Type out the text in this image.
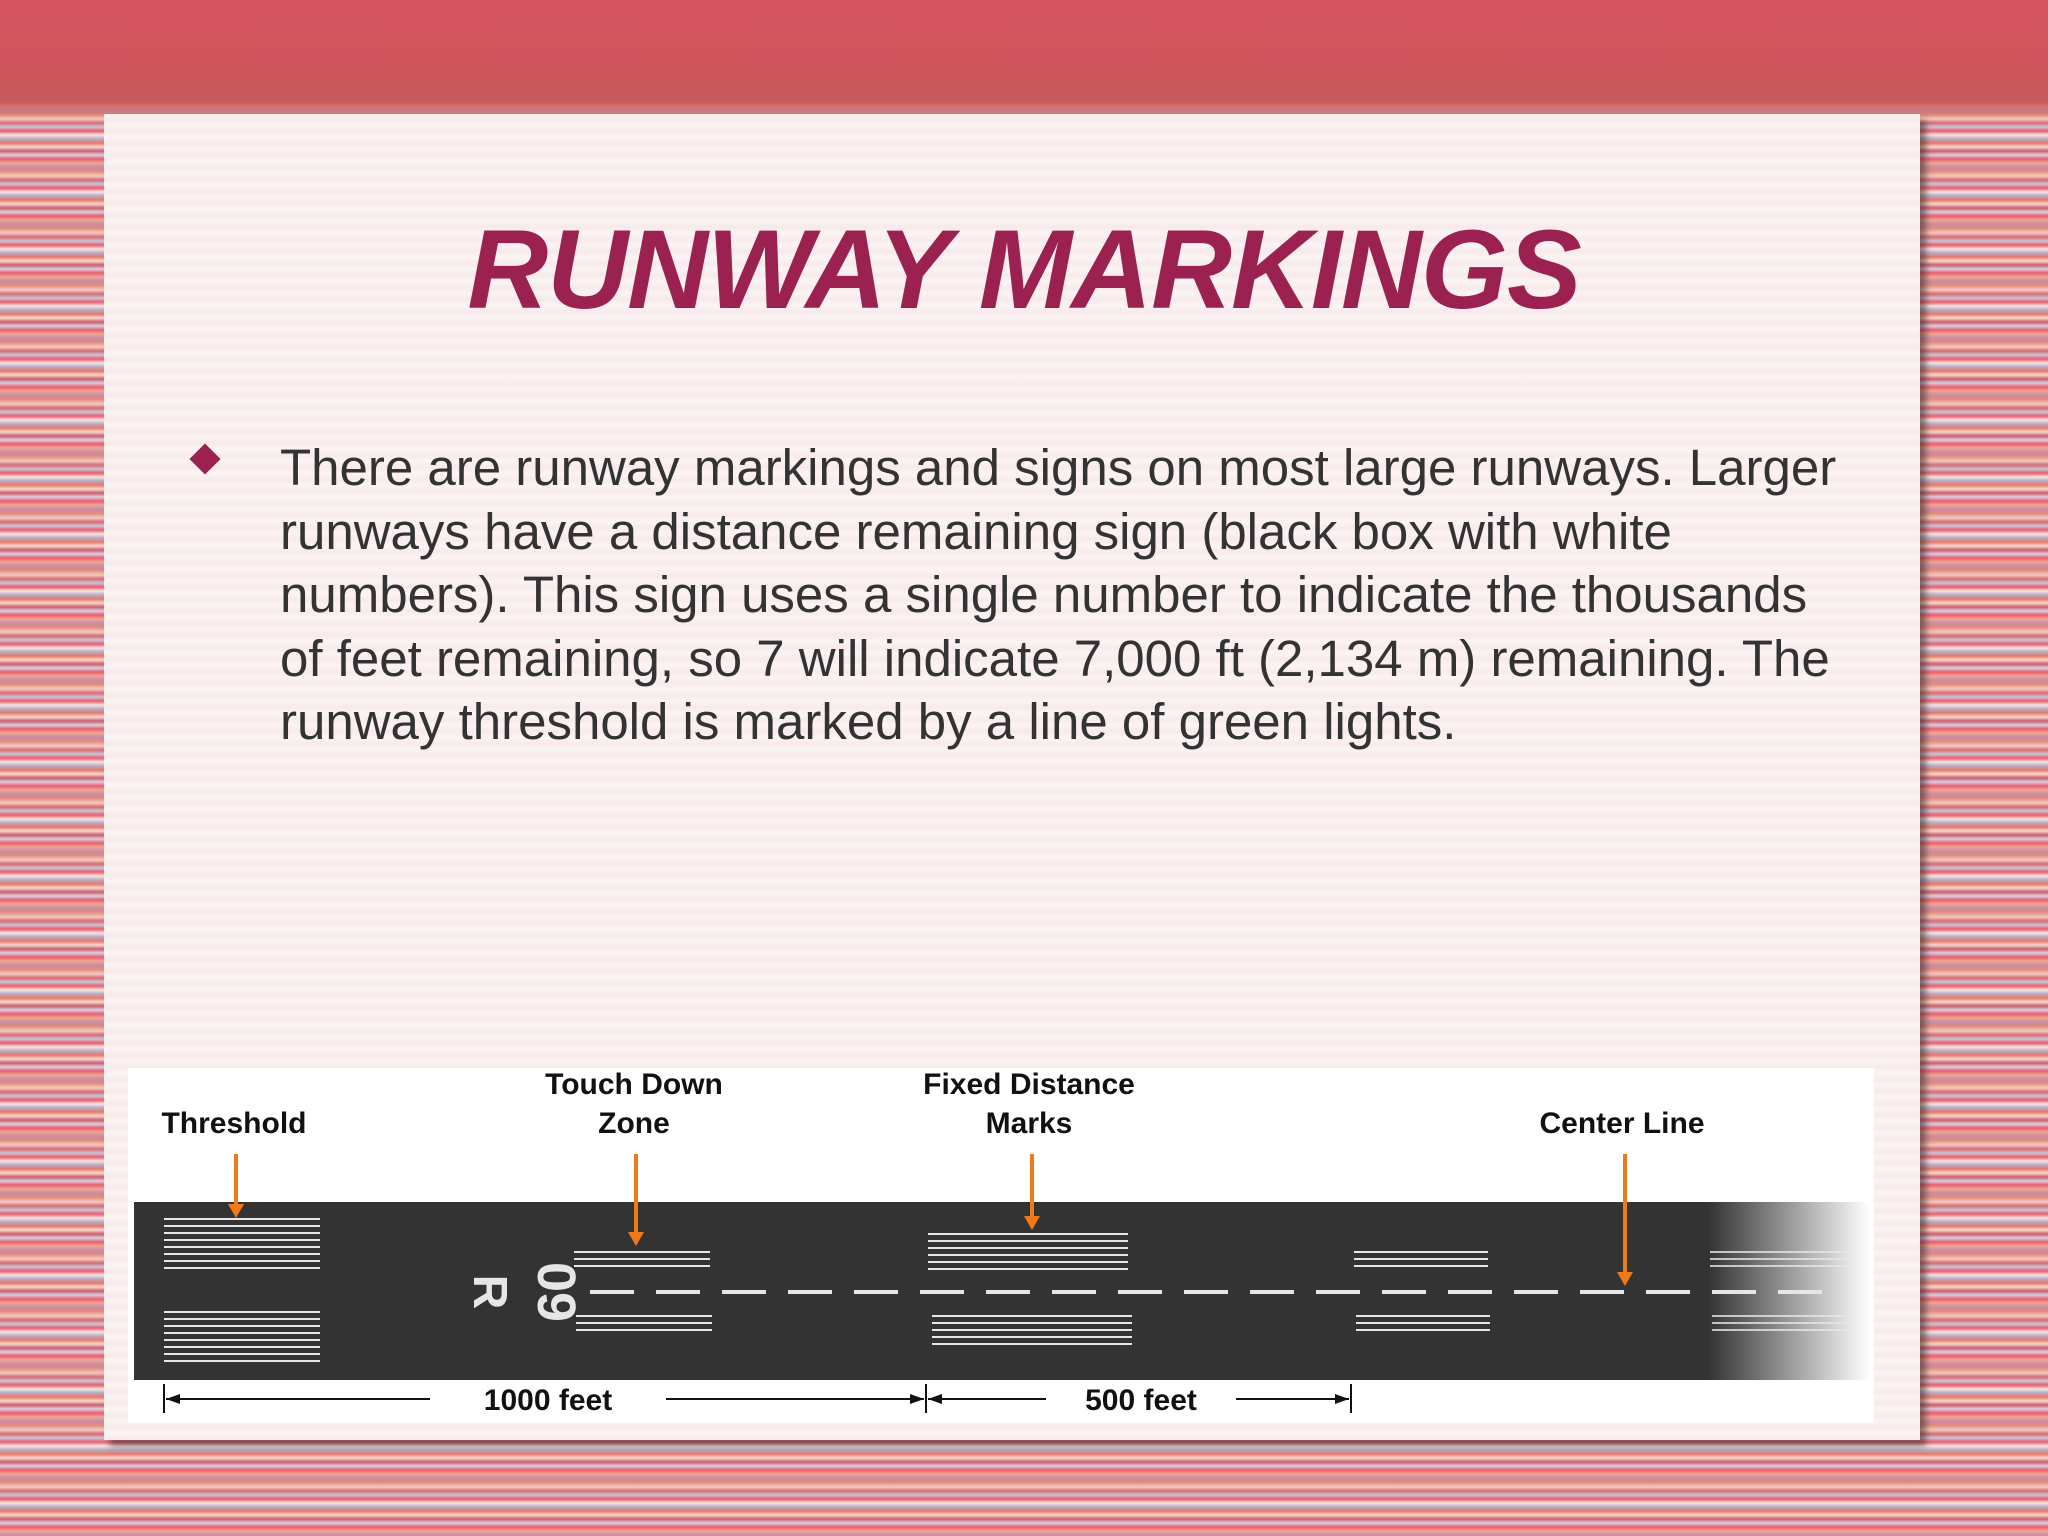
RUNWAY MARKINGS
There are runway markings and signs on most large runways. Larger runways have a distance remaining sign (black box with white numbers). This sign uses a single number to indicate the thousands of feet remaining, so 7 will indicate 7,000 ft (2,134 m) remaining. The runway threshold is marked by a line of green lights.
Threshold
Touch Down
Zone
Fixed Distance
Marks	Center Line
09
R
1000 feet	500 feet
